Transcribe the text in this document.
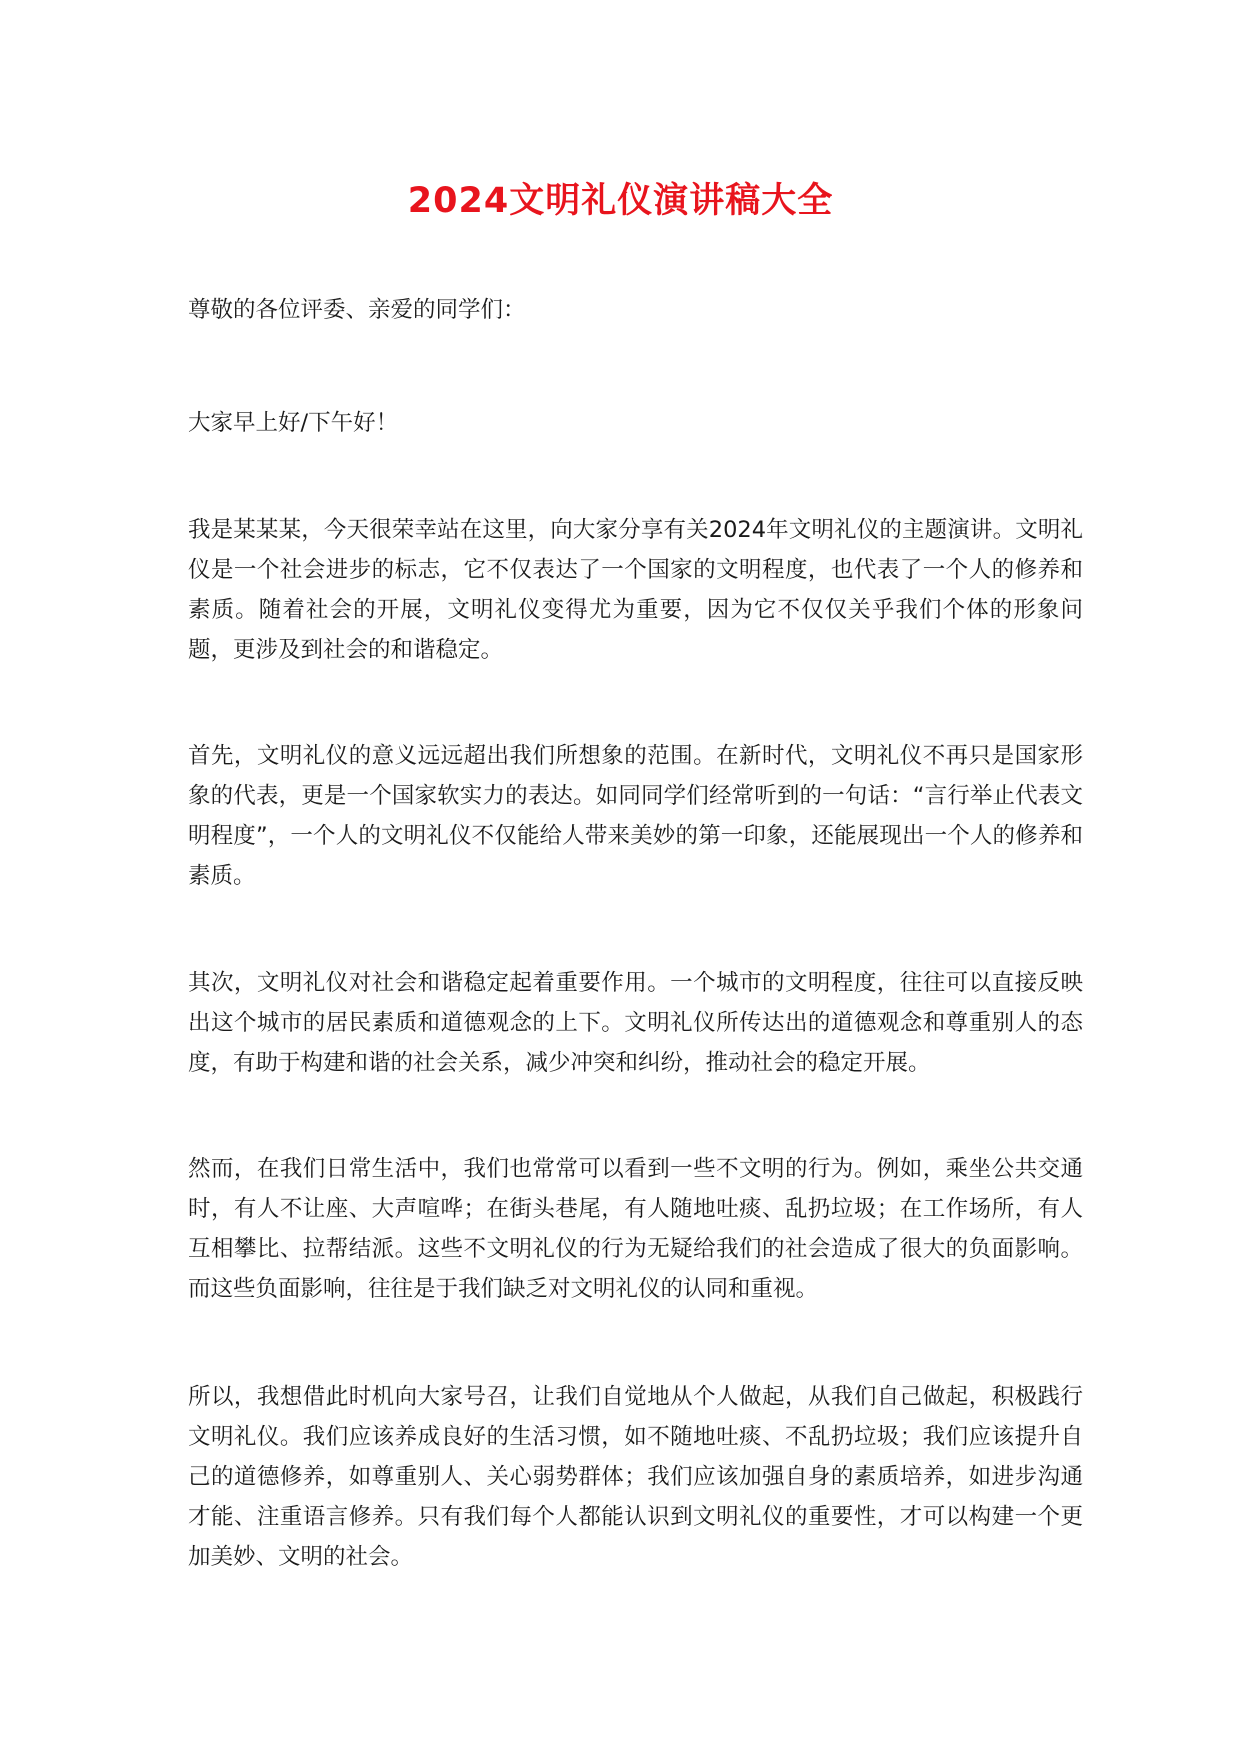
2024文明礼仪演讲稿大全

尊敬的各位评委、亲爱的同学们：

大家早上好/下午好！

我是某某某，今天很荣幸站在这里，向大家分享有关2024年文明礼仪的主题演讲。文明礼仪是一个社会进步的标志，它不仅表达了一个国家的文明程度，也代表了一个人的修养和素质。随着社会的开展，文明礼仪变得尤为重要，因为它不仅仅关乎我们个体的形象问题，更涉及到社会的和谐稳定。

首先，文明礼仪的意义远远超出我们所想象的范围。在新时代，文明礼仪不再只是国家形象的代表，更是一个国家软实力的表达。如同同学们经常听到的一句话：“言行举止代表文明程度”，一个人的文明礼仪不仅能给人带来美妙的第一印象，还能展现出一个人的修养和素质。

其次，文明礼仪对社会和谐稳定起着重要作用。一个城市的文明程度，往往可以直接反映出这个城市的居民素质和道德观念的上下。文明礼仪所传达出的道德观念和尊重别人的态度，有助于构建和谐的社会关系，减少冲突和纠纷，推动社会的稳定开展。

然而，在我们日常生活中，我们也常常可以看到一些不文明的行为。例如，乘坐公共交通时，有人不让座、大声喧哗；在街头巷尾，有人随地吐痰、乱扔垃圾；在工作场所，有人互相攀比、拉帮结派。这些不文明礼仪的行为无疑给我们的社会造成了很大的负面影响。而这些负面影响，往往是于我们缺乏对文明礼仪的认同和重视。

所以，我想借此时机向大家号召，让我们自觉地从个人做起，从我们自己做起，积极践行文明礼仪。我们应该养成良好的生活习惯，如不随地吐痰、不乱扔垃圾；我们应该提升自己的道德修养，如尊重别人、关心弱势群体；我们应该加强自身的素质培养，如进步沟通才能、注重语言修养。只有我们每个人都能认识到文明礼仪的重要性，才可以构建一个更加美妙、文明的社会。
